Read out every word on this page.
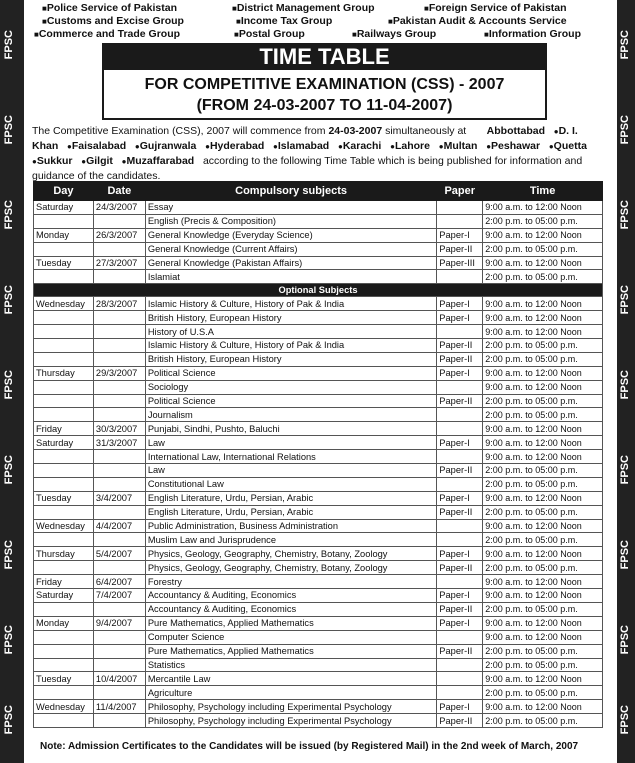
FPSC
FPSC
FPSC
FPSC
FPSC
FPSC
FPSC
FPSC
FPSC
FPSC
FPSC
FPSC
FPSC
FPSC
FPSC
FPSC
FPSC
FPSC
■ Police Service of Pakistan	■ District Management Group	■ Foreign Service of Pakistan
■ Customs and Excise Group	■ Income Tax Group	■ Pakistan Audit & Accounts Service
■ Commerce and Trade Group	■ Postal Group	■ Railways Group	■ Information Group
TIME TABLE
FOR COMPETITIVE EXAMINATION (CSS) - 2007
(FROM 24-03-2007 TO 11-04-2007)
The Competitive Examination (CSS), 2007 will commence from 24-03-2007 simultaneously at       Abbottabad ● D. I. Khan ● Faisalabad ● Gujranwala ● Hyderabad ● Islamabad ● Karachi ● Lahore ● Multan ● Peshawar ● Quetta   ● Sukkur ● Gilgit ● Muzaffarabad according to the following Time Table which is being published for information and guidance of the candidates.
Day	Date	Compulsory subjects	Paper	Time
Saturday	24/3/2007	Essay		9:00 a.m. to 12:00 Noon
		English (Precis & Composition)		2:00 p.m. to 05:00 p.m.
Monday	26/3/2007	General Knowledge (Everyday Science)	Paper-I	9:00 a.m. to 12:00 Noon
		General Knowledge (Current Affairs)	Paper-II	2:00 p.m. to 05:00 p.m.
Tuesday	27/3/2007	General Knowledge (Pakistan Affairs)	Paper-III	9:00 a.m. to 12:00 Noon
		Islamiat		2:00 p.m. to 05:00 p.m.
Optional Subjects				
Wednesday	28/3/2007	Islamic History & Culture, History of Pak & India	Paper-I	9:00 a.m. to 12:00 Noon
		British History, European History	Paper-I	9:00 a.m. to 12:00 Noon
		History of U.S.A		9:00 a.m. to 12:00 Noon
		Islamic History & Culture, History of Pak & India	Paper-II	2:00 p.m. to 05:00 p.m.
		British History, European History	Paper-II	2:00 p.m. to 05:00 p.m.
Thursday	29/3/2007	Political Science	Paper-I	9:00 a.m. to 12:00 Noon
		Sociology		9:00 a.m. to 12:00 Noon
		Political Science	Paper-II	2:00 p.m. to 05:00 p.m.
		Journalism		2:00 p.m. to 05:00 p.m.
Friday	30/3/2007	Punjabi, Sindhi, Pushto, Baluchi		9:00 a.m. to 12:00 Noon
Saturday	31/3/2007	Law	Paper-I	9:00 a.m. to 12:00 Noon
		International Law, International Relations		9:00 a.m. to 12:00 Noon
		Law	Paper-II	2:00 p.m. to 05:00 p.m.
		Constitutional Law		2:00 p.m. to 05:00 p.m.
Tuesday	3/4/2007	English Literature, Urdu, Persian, Arabic	Paper-I	9:00 a.m. to 12:00 Noon
		English Literature, Urdu, Persian, Arabic	Paper-II	2:00 p.m. to 05:00 p.m.
Wednesday	4/4/2007	Public Administration, Business Administration		9:00 a.m. to 12:00 Noon
		Muslim Law and Jurisprudence		2:00 p.m. to 05:00 p.m.
Thursday	5/4/2007	Physics, Geology, Geography, Chemistry, Botany, Zoology	Paper-I	9:00 a.m. to 12:00 Noon
		Physics, Geology, Geography, Chemistry, Botany, Zoology	Paper-II	2:00 p.m. to 05:00 p.m.
Friday	6/4/2007	Forestry		9:00 a.m. to 12:00 Noon
Saturday	7/4/2007	Accountancy & Auditing, Economics	Paper-I	9:00 a.m. to 12:00 Noon
		Accountancy & Auditing, Economics	Paper-II	2:00 p.m. to 05:00 p.m.
Monday	9/4/2007	Pure Mathematics, Applied Mathematics	Paper-I	9:00 a.m. to 12:00 Noon
		Computer Science		9:00 a.m. to 12:00 Noon
		Pure Mathematics, Applied Mathematics	Paper-II	2:00 p.m. to 05:00 p.m.
		Statistics		2:00 p.m. to 05:00 p.m.
Tuesday	10/4/2007	Mercantile Law		9:00 a.m. to 12:00 Noon
		Agriculture		2:00 p.m. to 05:00 p.m.
Wednesday	11/4/2007	Philosophy, Psychology including Experimental Psychology	Paper-I	9:00 a.m. to 12:00 Noon
		Philosophy, Psychology including Experimental Psychology	Paper-II	2:00 p.m. to 05:00 p.m.
Note: Admission Certificates to the Candidates will be issued (by Registered Mail) in the 2nd week of March, 2007
